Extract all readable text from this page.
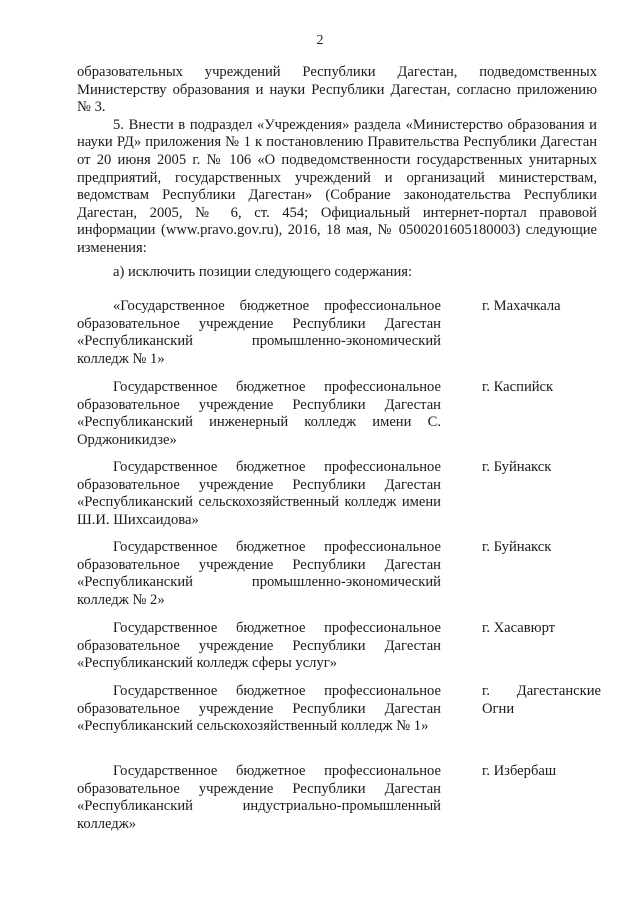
2

образовательных учреждений Республики Дагестан, подведомственных Министерству образования и науки Республики Дагестан, согласно приложению № 3.

5. Внести в подраздел «Учреждения» раздела «Министерство образования и науки РД» приложения № 1 к постановлению Правительства Республики Дагестан от 20 июня 2005 г. № 106 «О подведомственности государственных унитарных предприятий, государственных учреждений и организаций министерствам, ведомствам Республики Дагестан» (Собрание законодательства Республики Дагестан, 2005, № 6, ст. 454; Официальный интернет-портал правовой информации (www.pravo.gov.ru), 2016, 18 мая, № 0500201605180003) следующие изменения:

а) исключить позиции следующего содержания:

«Государственное бюджетное профессиональное образовательное учреждение Республики Дагестан «Республиканский промышленно-экономический колледж № 1»

г. Махачкала

Государственное бюджетное профессиональное образовательное учреждение Республики Дагестан «Республиканский инженерный колледж имени С. Орджоникидзе»

г. Каспийск

Государственное бюджетное профессиональное образовательное учреждение Республики Дагестан «Республиканский сельскохозяйственный колледж имени Ш.И. Шихсаидова»

г. Буйнакск

Государственное бюджетное профессиональное образовательное учреждение Республики Дагестан «Республиканский промышленно-экономический колледж № 2»

г. Буйнакск

Государственное бюджетное профессиональное образовательное учреждение Республики Дагестан «Республиканский колледж сферы услуг»

г. Хасавюрт

Государственное бюджетное профессиональное образовательное учреждение Республики Дагестан «Республиканский сельскохозяйственный колледж № 1»

г. Дагестанские Огни

Государственное бюджетное профессиональное образовательное учреждение Республики Дагестан «Республиканский индустриально-промышленный колледж»

г. Избербаш
